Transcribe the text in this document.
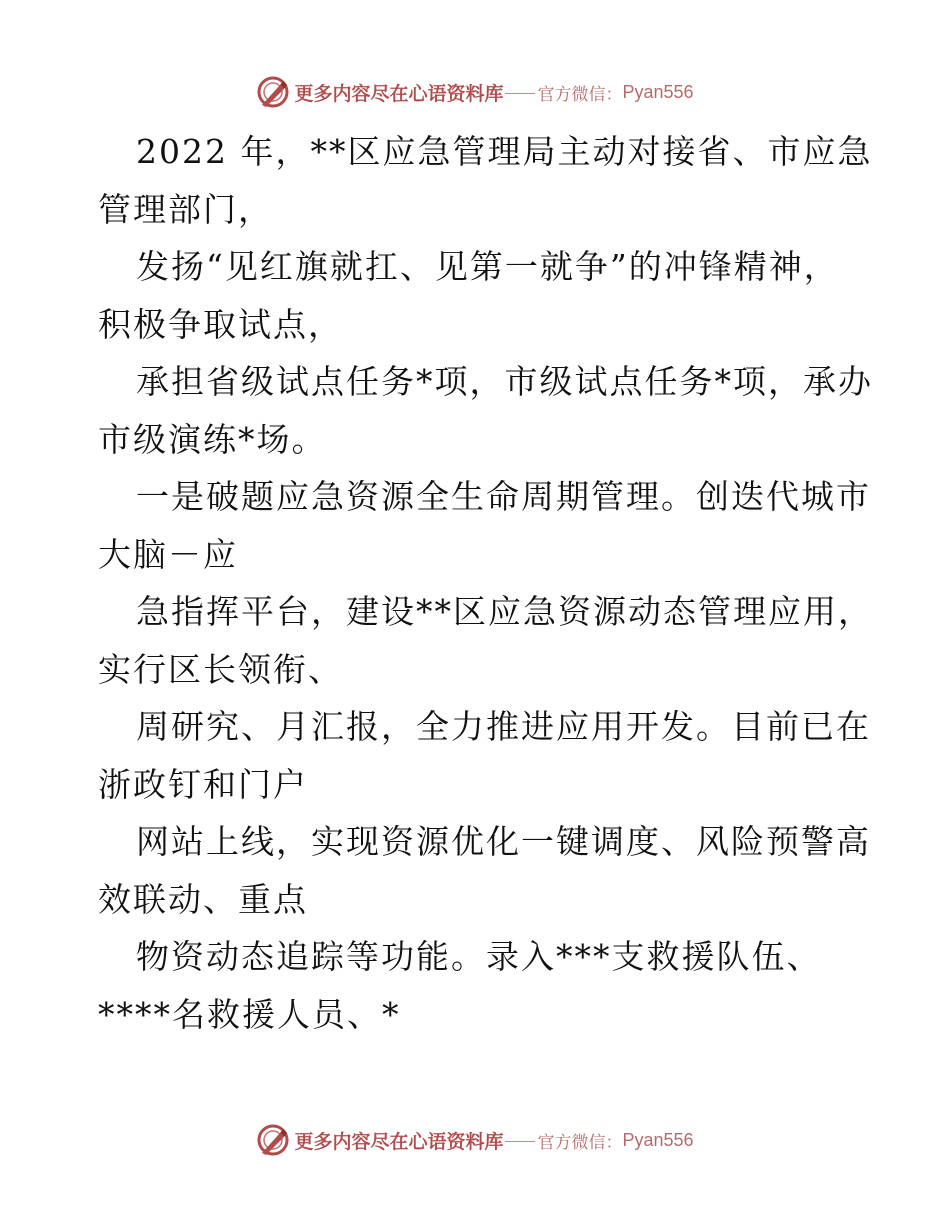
更多内容尽在心语资料库 官方微信： Pyan556
2022 年，**区应急管理局主动对接省、市应急
管理部门，
发扬“见红旗就扛、见第一就争”的冲锋精神，
积极争取试点，
承担省级试点任务*项，市级试点任务*项，承办
市级演练*场。
一是破题应急资源全生命周期管理。创迭代城市
大脑－应
急指挥平台，建设**区应急资源动态管理应用，
实行区长领衔、
周研究、月汇报，全力推进应用开发。目前已在
浙政钉和门户
网站上线，实现资源优化一键调度、风险预警高
效联动、重点
物资动态追踪等功能。录入***支救援队伍、
****名救援人员、*
更多内容尽在心语资料库 官方微信： Pyan556
